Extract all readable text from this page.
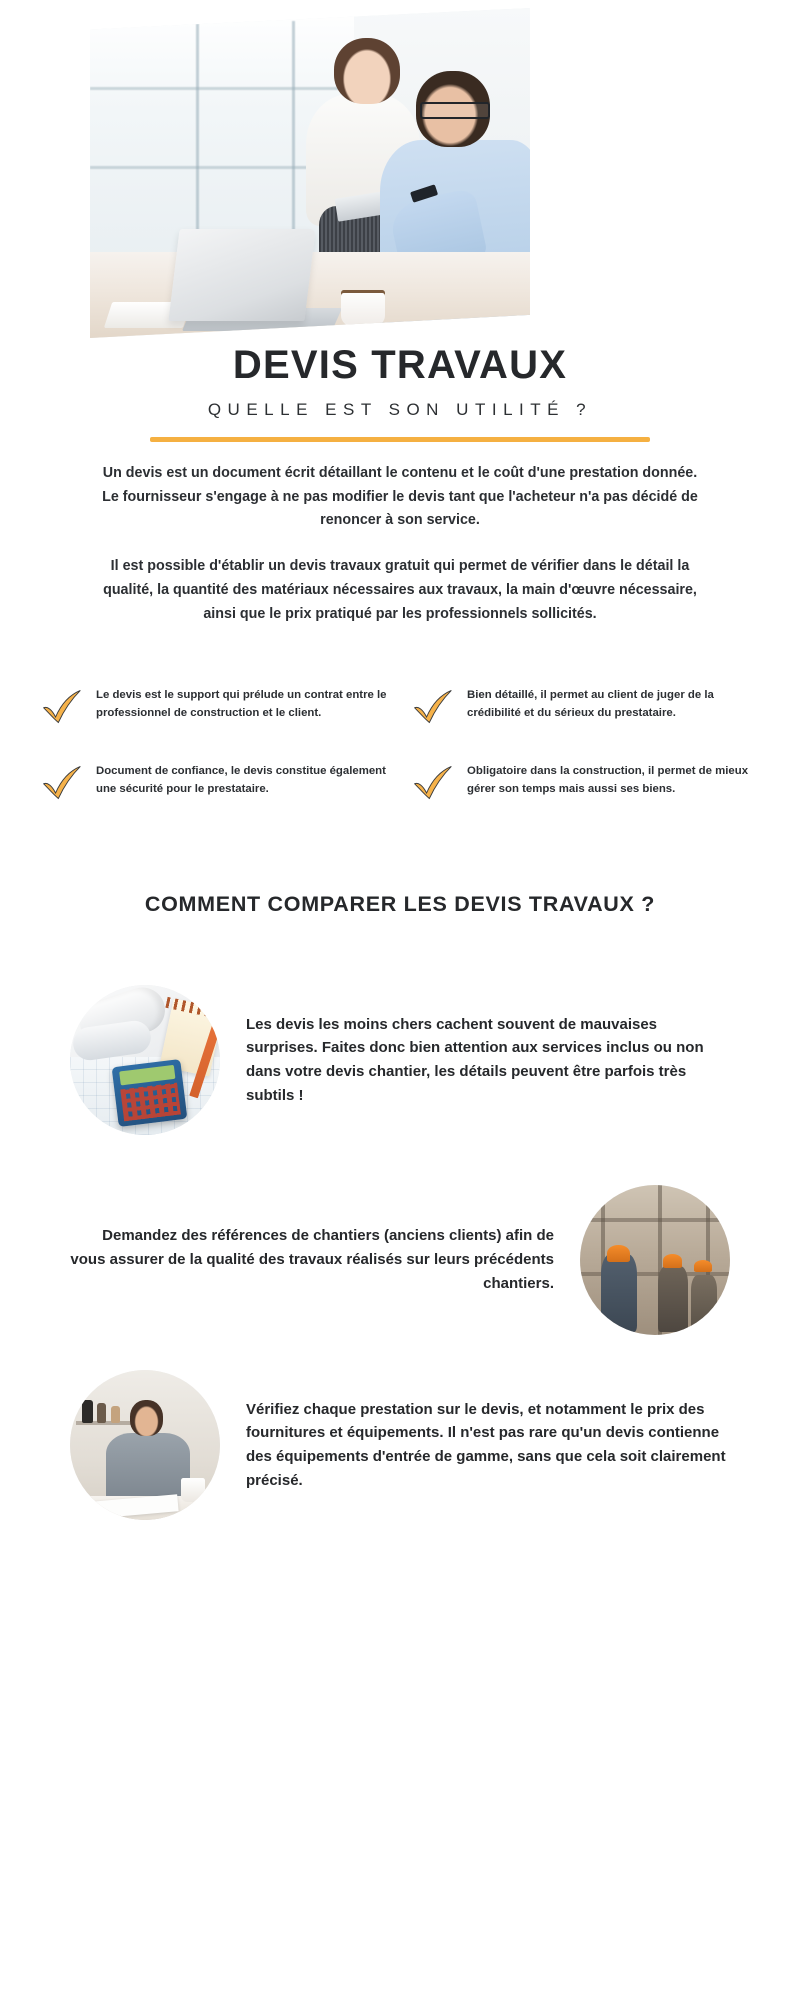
DEVIS TRAVAUX
QUELLE EST SON UTILITÉ ?

Un devis est un document écrit détaillant le contenu et le coût d'une prestation donnée. Le fournisseur s'engage à ne pas modifier le devis tant que l'acheteur n'a pas décidé de renoncer à son service.

Il est possible d'établir un devis travaux gratuit qui permet de vérifier dans le détail la qualité, la quantité des matériaux nécessaires aux travaux, la main d'œuvre nécessaire, ainsi que le prix pratiqué par les professionnels sollicités.

Le devis est le support qui prélude un contrat entre le professionnel de construction et le client.
Bien détaillé, il permet au client de juger de la crédibilité et du sérieux du prestataire.
Document de confiance, le devis constitue également une sécurité pour le prestataire.
Obligatoire dans la construction, il permet de mieux gérer son temps mais aussi ses biens.
COMMENT COMPARER LES DEVIS TRAVAUX ?
Les devis les moins chers cachent souvent de mauvaises surprises. Faites donc bien attention aux services inclus ou non dans votre devis chantier, les détails peuvent être parfois très subtils !
Demandez des références de chantiers (anciens clients) afin de vous assurer de la qualité des travaux réalisés sur leurs précédents chantiers.
Vérifiez chaque prestation sur le devis, et notamment le prix des fournitures et équipements. Il n'est pas rare qu'un devis contienne des équipements d'entrée de gamme, sans que cela soit clairement précisé.
